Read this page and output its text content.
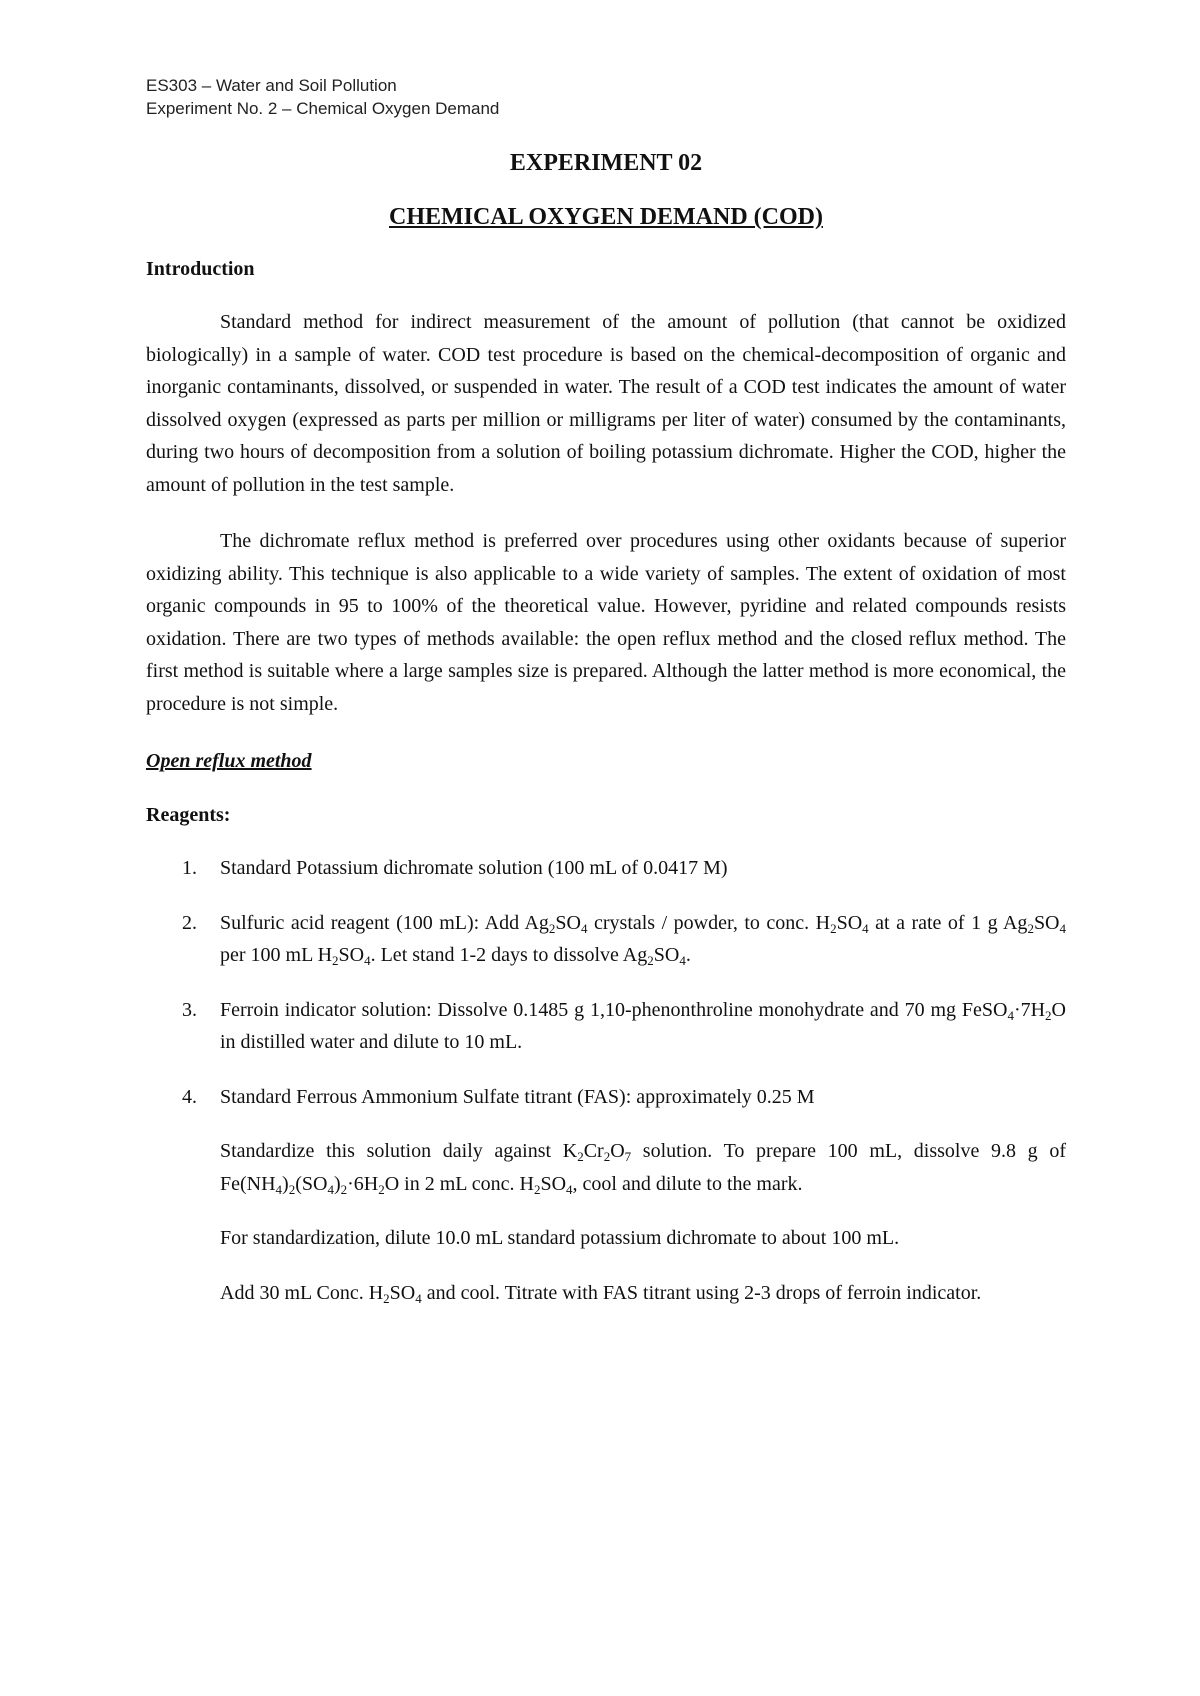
ES303 – Water and Soil Pollution
Experiment No. 2 – Chemical Oxygen Demand
EXPERIMENT 02
CHEMICAL OXYGEN DEMAND (COD)
Introduction

Standard method for indirect measurement of the amount of pollution (that cannot be oxidized biologically) in a sample of water. COD test procedure is based on the chemical-decomposition of organic and inorganic contaminants, dissolved, or suspended in water. The result of a COD test indicates the amount of water dissolved oxygen (expressed as parts per million or milligrams per liter of water) consumed by the contaminants, during two hours of decomposition from a solution of boiling potassium dichromate. Higher the COD, higher the amount of pollution in the test sample.

The dichromate reflux method is preferred over procedures using other oxidants because of superior oxidizing ability. This technique is also applicable to a wide variety of samples. The extent of oxidation of most organic compounds in 95 to 100% of the theoretical value. However, pyridine and related compounds resists oxidation. There are two types of methods available: the open reflux method and the closed reflux method. The first method is suitable where a large samples size is prepared. Although the latter method is more economical, the procedure is not simple.

Open reflux method
Reagents:
1. Standard Potassium dichromate solution (100 mL of 0.0417 M)
2. Sulfuric acid reagent (100 mL): Add $Ag_2SO_4$ crystals / powder, to conc. $H_2SO_4$ at a rate of 1 g $Ag_2SO_4$ per 100 mL $H_2SO_4$. Let stand 1-2 days to dissolve $Ag_2SO_4$.
3. Ferroin indicator solution: Dissolve 0.1485 g 1,10-phenonthroline monohydrate and 70 mg $FeSO_4\cdot 7H_2O$ in distilled water and dilute to 10 mL.
4. Standard Ferrous Ammonium Sulfate titrant (FAS): approximately 0.25 M
Standardize this solution daily against $K_2Cr_2O_7$ solution. To prepare 100 mL, dissolve 9.8 g of $Fe(NH_4)_2(SO_4)_2\cdot 6H_2O$ in 2 mL conc. $H_2SO_4$, cool and dilute to the mark.
For standardization, dilute 10.0 mL standard potassium dichromate to about 100 mL.
Add 30 mL Conc. $H_2SO_4$ and cool. Titrate with FAS titrant using 2-3 drops of ferroin indicator.
